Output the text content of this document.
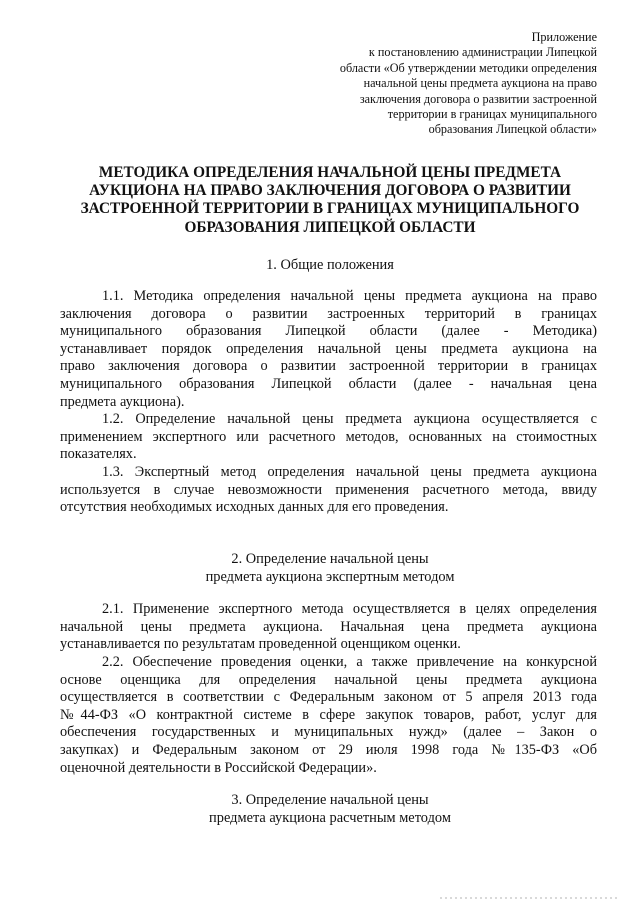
Приложение
к постановлению администрации Липецкой
области «Об утверждении методики определения
начальной цены предмета аукциона на право
заключения договора о развитии застроенной
территории в границах муниципального
образования Липецкой области»
МЕТОДИКА ОПРЕДЕЛЕНИЯ НАЧАЛЬНОЙ ЦЕНЫ ПРЕДМЕТА
АУКЦИОНА НА ПРАВО ЗАКЛЮЧЕНИЯ ДОГОВОРА О РАЗВИТИИ
ЗАСТРОЕННОЙ ТЕРРИТОРИИ В ГРАНИЦАХ МУНИЦИПАЛЬНОГО
ОБРАЗОВАНИЯ ЛИПЕЦКОЙ ОБЛАСТИ
1. Общие положения
1.1. Методика определения начальной цены предмета аукциона на право
заключения договора о развитии застроенных территорий в границах
муниципального образования Липецкой области (далее - Методика)
устанавливает порядок определения начальной цены предмета аукциона на
право заключения договора о развитии застроенной территории в границах
муниципального образования Липецкой области (далее - начальная цена
предмета аукциона).
1.2. Определение начальной цены предмета аукциона осуществляется с
применением экспертного или расчетного методов, основанных на стоимостных
показателях.
1.3. Экспертный метод определения начальной цены предмета аукциона
используется в случае невозможности применения расчетного метода, ввиду
отсутствия необходимых исходных данных для его проведения.
2. Определение начальной цены
предмета аукциона экспертным методом
2.1. Применение экспертного метода осуществляется в целях определения
начальной цены предмета аукциона. Начальная цена предмета аукциона
устанавливается по результатам проведенной оценщиком оценки.
2.2. Обеспечение проведения оценки, а также привлечение на конкурсной
основе оценщика для определения начальной цены предмета аукциона
осуществляется в соответствии с Федеральным законом от 5 апреля 2013 года
№44-ФЗ «О контрактной системе в сфере закупок товаров, работ, услуг для
обеспечения государственных и муниципальных нужд» (далее – Закон о
закупках) и Федеральным законом от 29 июля 1998 года №135-ФЗ «Об
оценочной деятельности в Российской Федерации».
3. Определение начальной цены
предмета аукциона расчетным методом
